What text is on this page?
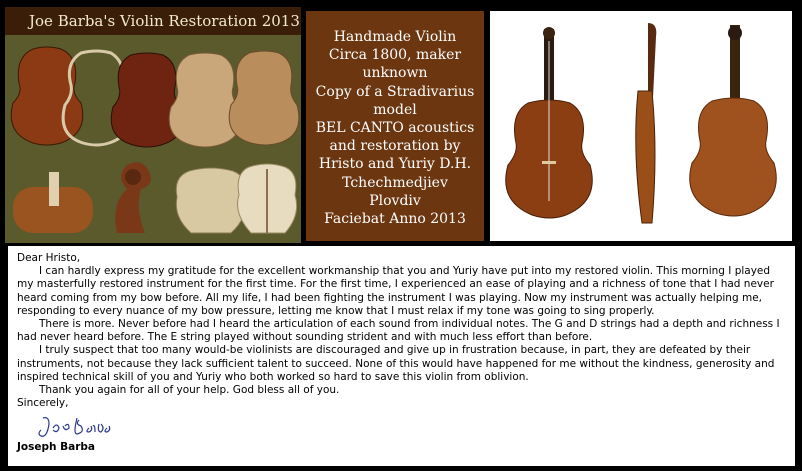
Joe Barba's Violin Restoration 2013
Handmade Violin
Circa 1800, maker
unknown
Copy of a Stradivarius
model
BEL CANTO acoustics
and restoration by
Hristo and Yuriy D.H.
Tchechmedjiev
Plovdiv
Faciebat Anno 2013

Dear Hristo,

I can hardly express my gratitude for the excellent workmanship that you and Yuriy have put into my restored violin. This morning I played my masterfully restored instrument for the first time. For the first time, I experienced an ease of playing and a richness of tone that I had never heard coming from my bow before. All my life, I had been fighting the instrument I was playing. Now my instrument was actually helping me, responding to every nuance of my bow pressure, letting me know that I must relax if my tone was going to sing properly.

There is more. Never before had I heard the articulation of each sound from individual notes. The G and D strings had a depth and richness I had never heard before. The E string played without sounding strident and with much less effort than before.

I truly suspect that too many would-be violinists are discouraged and give up in frustration because, in part, they are defeated by their instruments, not because they lack sufficient talent to succeed. None of this would have happened for me without the kindness, generosity and inspired technical skill of you and Yuriy who both worked so hard to save this violin from oblivion.

Thank you again for all of your help. God bless all of you.

Sincerely,

Joseph Barba
